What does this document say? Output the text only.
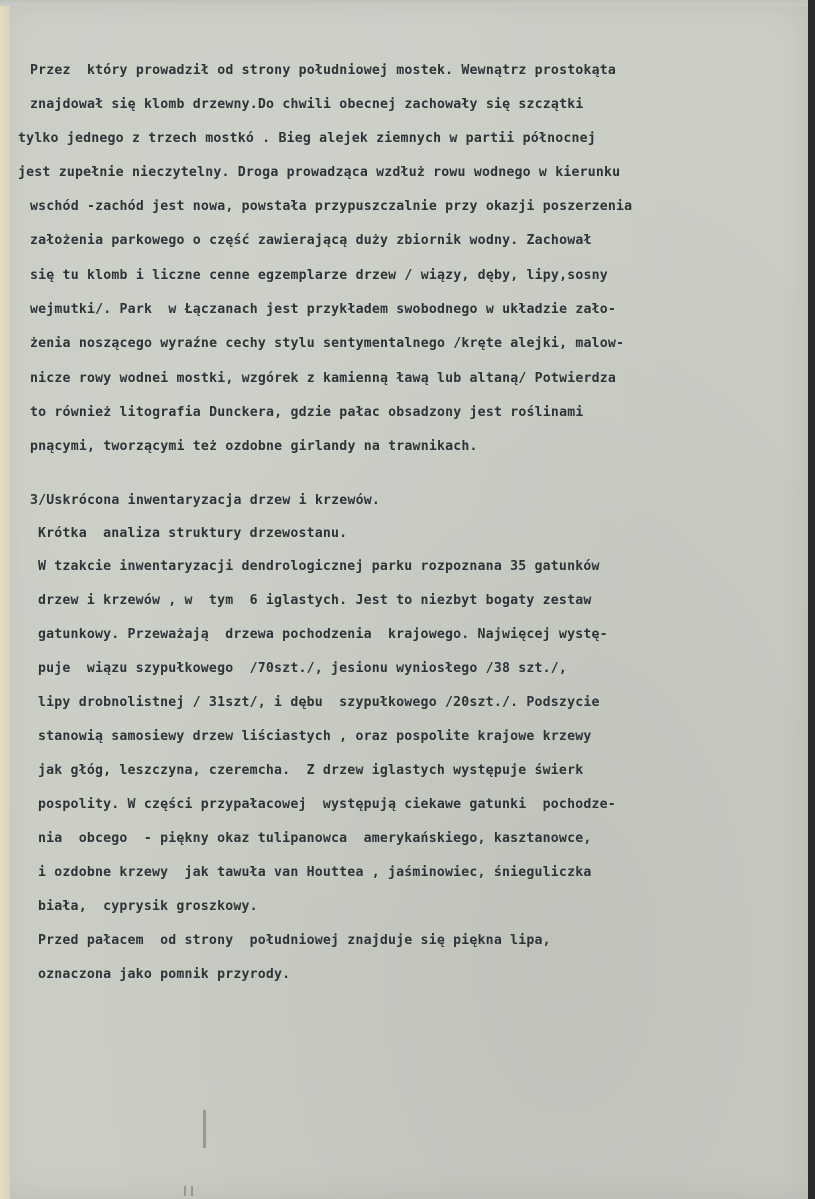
Przez  który prowadził od strony południowej mostek. Wewnątrz prostokąta
znajdował się klomb drzewny.Do chwili obecnej zachowały się szczątki
tylko jednego z trzech mostkó . Bieg alejek ziemnych w partii północnej
jest zupełnie nieczytelny. Droga prowadząca wzdłuż rowu wodnego w kierunku
wschód -zachód jest nowa, powstała przypuszczalnie przy okazji poszerzenia
założenia parkowego o część zawierającą duży zbiornik wodny. Zachował
się tu klomb i liczne cenne egzemplarze drzew / wiązy, dęby, lipy,sosny
wejmutki/. Park  w Łączanach jest przykładem swobodnego w układzie zało-
żenia noszącego wyraźne cechy stylu sentymentalnego /kręte alejki, malow-
nicze rowy wodnei mostki, wzgórek z kamienną ławą lub altaną/ Potwierdza
to również litografia Dunckera, gdzie pałac obsadzony jest roślinami
pnącymi, tworzącymi też ozdobne girlandy na trawnikach.
3/Uskrócona inwentaryzacja drzew i krzewów.
Krótka  analiza struktury drzewostanu.
W tzakcie inwentaryzacji dendrologicznej parku rozpoznana 35 gatunków
drzew i krzewów , w  tym  6 iglastych. Jest to niezbyt bogaty zestaw
gatunkowy. Przeważają  drzewa pochodzenia  krajowego. Najwięcej wystę-
puje  wiązu szypułkowego  /70szt./, jesionu wyniosłego /38 szt./,
lipy drobnolistnej / 31szt/, i dębu  szypułkowego /20szt./. Podszycie
stanowią samosiewy drzew liściastych , oraz pospolite krajowe krzewy
jak głóg, leszczyna, czeremcha.  Z drzew iglastych występuje świerk
pospolity. W części przypałacowej  występują ciekawe gatunki  pochodze-
nia  obcego  - piękny okaz tulipanowca  amerykańskiego, kasztanowce,
i ozdobne krzewy  jak tawuła van Houtteа , jaśminowiec, śnieguliczka
biała,  cyprysik groszkowy.
Przed pałacem  od strony  południowej znajduje się piękna lipa,
oznaczona jako pomnik przyrody.
